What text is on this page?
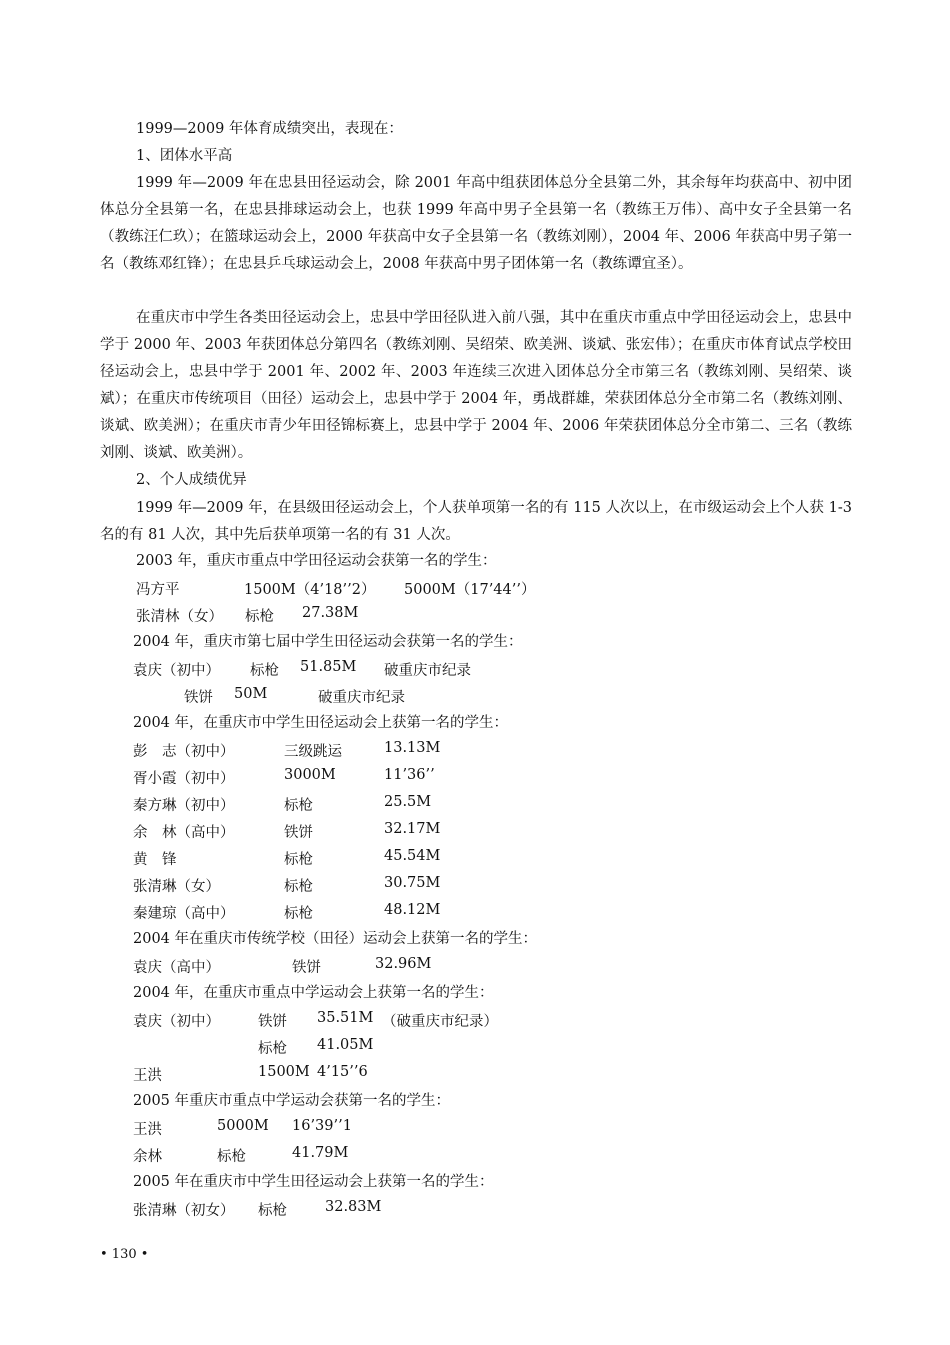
1999—2009 年体育成绩突出，表现在：
1、团体水平高
1999 年—2009 年在忠县田径运动会，除 2001 年高中组获团体总分全县第二外，其余每年均获高中、初中团体总分全县第一名，在忠县排球运动会上，也获 1999 年高中男子全县第一名（教练王万伟）、高中女子全县第一名（教练汪仁玖）；在篮球运动会上，2000 年获高中女子全县第一名（教练刘刚），2004 年、2006 年获高中男子第一名（教练邓红锋）；在忠县乒乓球运动会上，2008 年获高中男子团体第一名（教练谭宜圣）。
在重庆市中学生各类田径运动会上，忠县中学田径队进入前八强，其中在重庆市重点中学田径运动会上，忠县中学于 2000 年、2003 年获团体总分第四名（教练刘刚、吴绍荣、欧美洲、谈斌、张宏伟）；在重庆市体育试点学校田径运动会上，忠县中学于 2001 年、2002 年、2003 年连续三次进入团体总分全市第三名（教练刘刚、吴绍荣、谈斌）；在重庆市传统项目（田径）运动会上，忠县中学于 2004 年，勇战群雄，荣获团体总分全市第二名（教练刘刚、谈斌、欧美洲）；在重庆市青少年田径锦标赛上，忠县中学于 2004 年、2006 年荣获团体总分全市第二、三名（教练刘刚、谈斌、欧美洲）。
2、个人成绩优异
1999 年—2009 年，在县级田径运动会上，个人获单项第一名的有 115 人次以上，在市级运动会上个人获 1-3 名的有 81 人次，其中先后获单项第一名的有 31 人次。
2003 年，重庆市重点中学田径运动会获第一名的学生：
冯方平	1500M（4’18’’2） 5000M（17’44’’）
张清林（女） 标枪 27.38M
2004 年，重庆市第七届中学生田径运动会获第一名的学生：
袁庆（初中） 标枪 51.85M 破重庆市纪录
铁饼 50M	破重庆市纪录
2004 年，在重庆市中学生田径运动会上获第一名的学生：
彭　志（初中）	三级跳运	13.13M
胥小霞（初中）	3000M	11’36’’
秦方琳（初中）	标枪	25.5M
余　林（高中）	铁饼	32.17M
黄　锋	标枪	45.54M
张清琳（女）	标枪	30.75M
秦建琼（高中）	标枪	48.12M
2004 年在重庆市传统学校（田径）运动会上获第一名的学生：
袁庆（高中）	铁饼	32.96M
2004 年，在重庆市重点中学运动会上获第一名的学生：
袁庆（初中）	铁饼 35.51M （破重庆市纪录）
标枪 41.05M
王洪	1500M 4’15’’6
2005 年重庆市重点中学运动会获第一名的学生：
王洪	5000M 16’39’’1
余林	标枪	41.79M
2005 年在重庆市中学生田径运动会上获第一名的学生：
张清琳（初女） 标枪	32.83M
• 130 •
